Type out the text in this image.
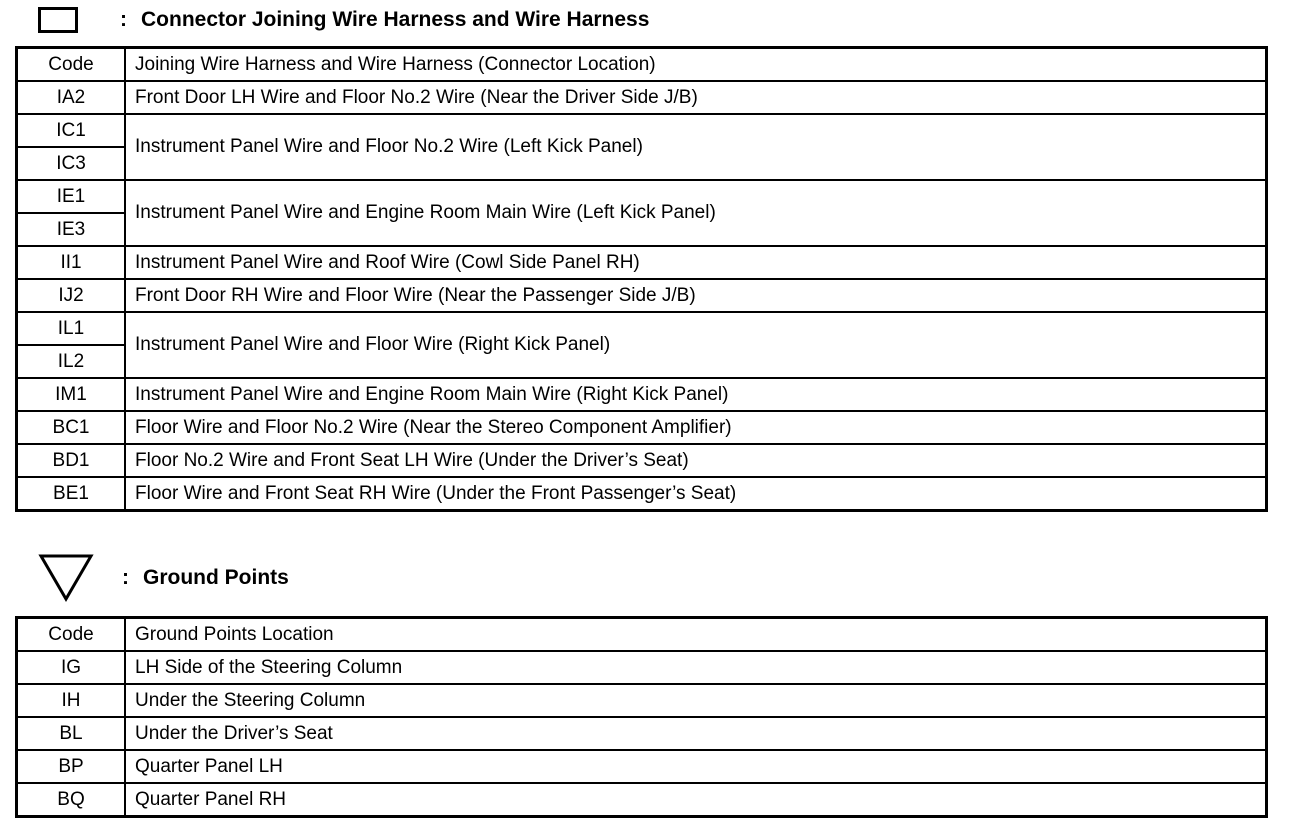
: Connector Joining Wire Harness and Wire Harness
Code	Joining Wire Harness and Wire Harness (Connector Location)
IA2	Front Door LH Wire and Floor No.2 Wire (Near the Driver Side J/B)
IC1	Instrument Panel Wire and Floor No.2 Wire (Left Kick Panel)
IC3	
IE1	Instrument Panel Wire and Engine Room Main Wire (Left Kick Panel)
IE3	
II1	Instrument Panel Wire and Roof Wire (Cowl Side Panel RH)
IJ2	Front Door RH Wire and Floor Wire (Near the Passenger Side J/B)
IL1	Instrument Panel Wire and Floor Wire (Right Kick Panel)
IL2	
IM1	Instrument Panel Wire and Engine Room Main Wire (Right Kick Panel)
BC1	Floor Wire and Floor No.2 Wire (Near the Stereo Component Amplifier)
BD1	Floor No.2 Wire and Front Seat LH Wire (Under the Driver’s Seat)
BE1	Floor Wire and Front Seat RH Wire (Under the Front Passenger’s Seat)
: Ground Points
Code	Ground Points Location
IG	LH Side of the Steering Column
IH	Under the Steering Column
BL	Under the Driver’s Seat
BP	Quarter Panel LH
BQ	Quarter Panel RH
